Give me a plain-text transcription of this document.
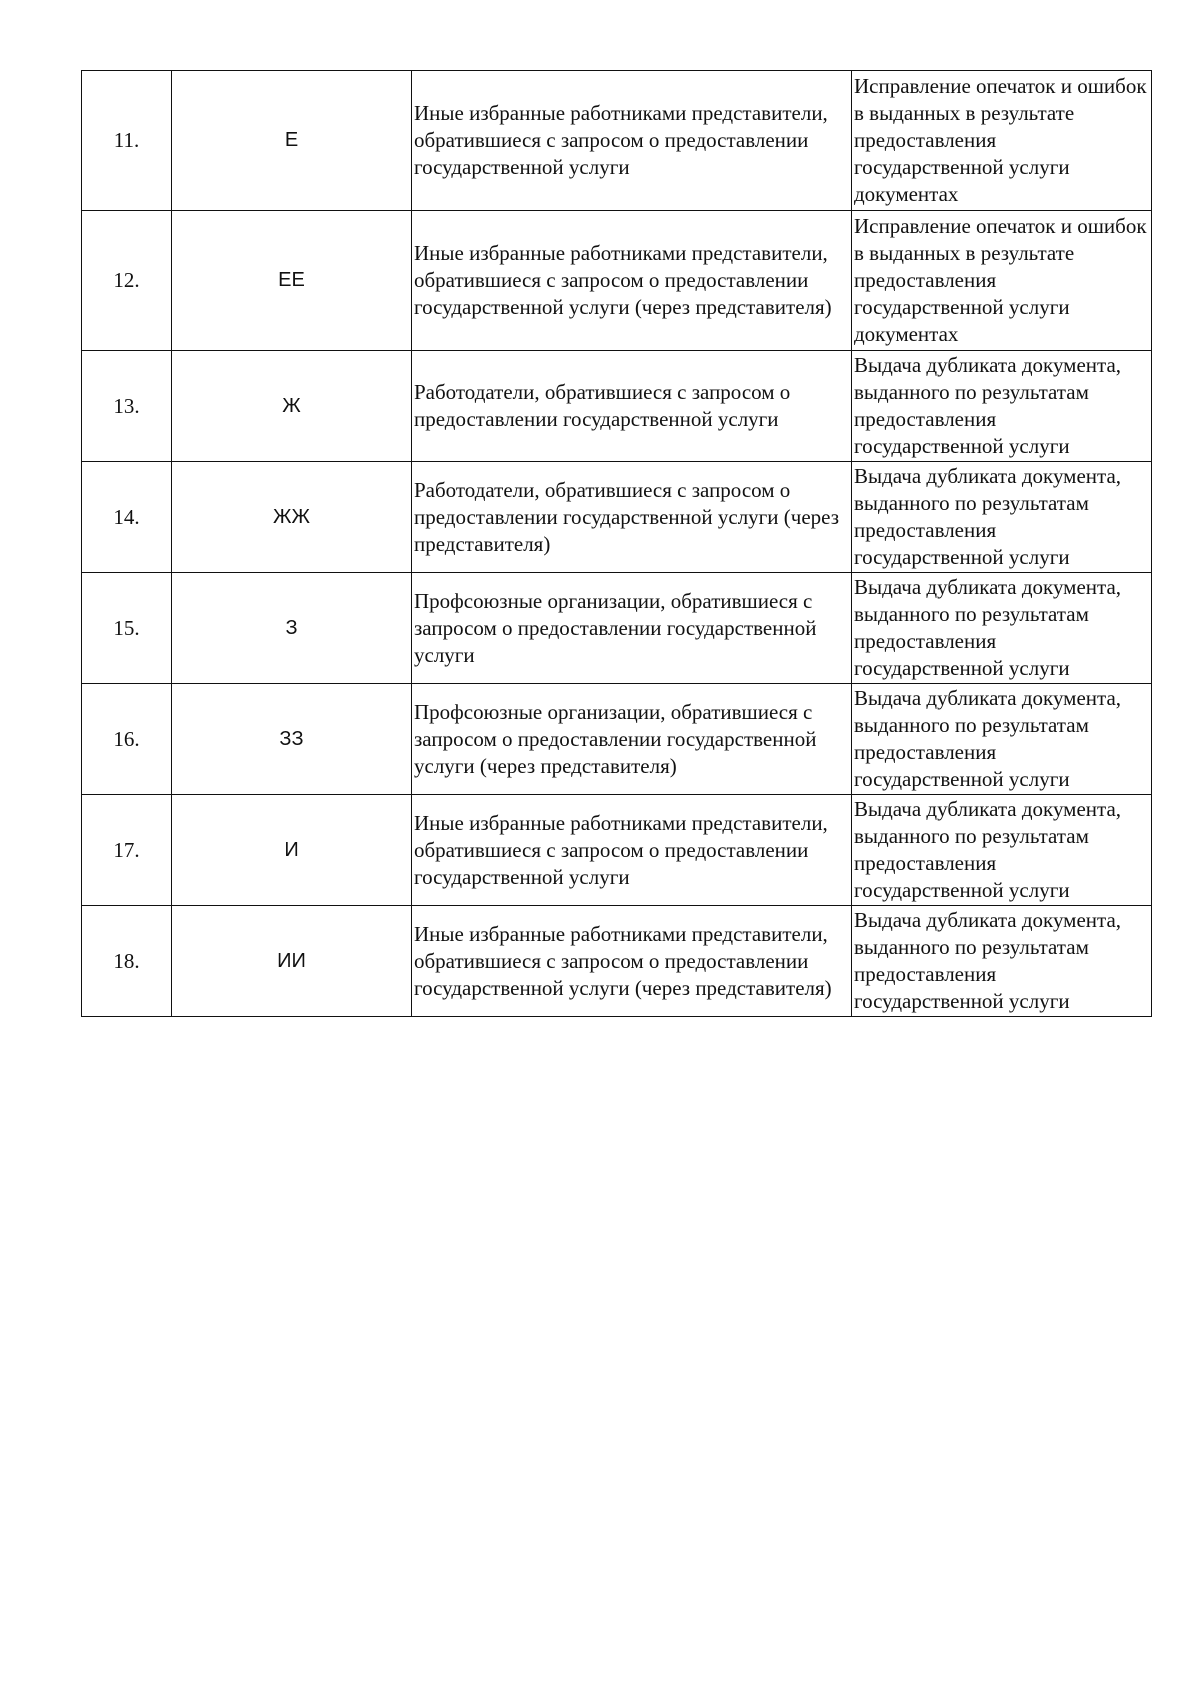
11.	Е	Иные избранные работниками представители, обратившиеся с запросом о предоставлении государственной услуги	Исправление опечаток и ошибок в выданных в результате предоставления государственной услуги документах
12.	ЕЕ	Иные избранные работниками представители, обратившиеся с запросом о предоставлении государственной услуги (через представителя)	Исправление опечаток и ошибок в выданных в результате предоставления государственной услуги документах
13.	Ж	Работодатели, обратившиеся с запросом о предоставлении государственной услуги	Выдача дубликата документа, выданного по результатам предоставления государственной услуги
14.	ЖЖ	Работодатели, обратившиеся с запросом о предоставлении государственной услуги (через представителя)	Выдача дубликата документа, выданного по результатам предоставления государственной услуги
15.	З	Профсоюзные организации, обратившиеся с запросом о предоставлении государственной услуги	Выдача дубликата документа, выданного по результатам предоставления государственной услуги
16.	ЗЗ	Профсоюзные организации, обратившиеся с запросом о предоставлении государственной услуги (через представителя)	Выдача дубликата документа, выданного по результатам предоставления государственной услуги
17.	И	Иные избранные работниками представители, обратившиеся с запросом о предоставлении государственной услуги	Выдача дубликата документа, выданного по результатам предоставления государственной услуги
18.	ИИ	Иные избранные работниками представители, обратившиеся с запросом о предоставлении государственной услуги (через представителя)	Выдача дубликата документа, выданного по результатам предоставления государственной услуги
